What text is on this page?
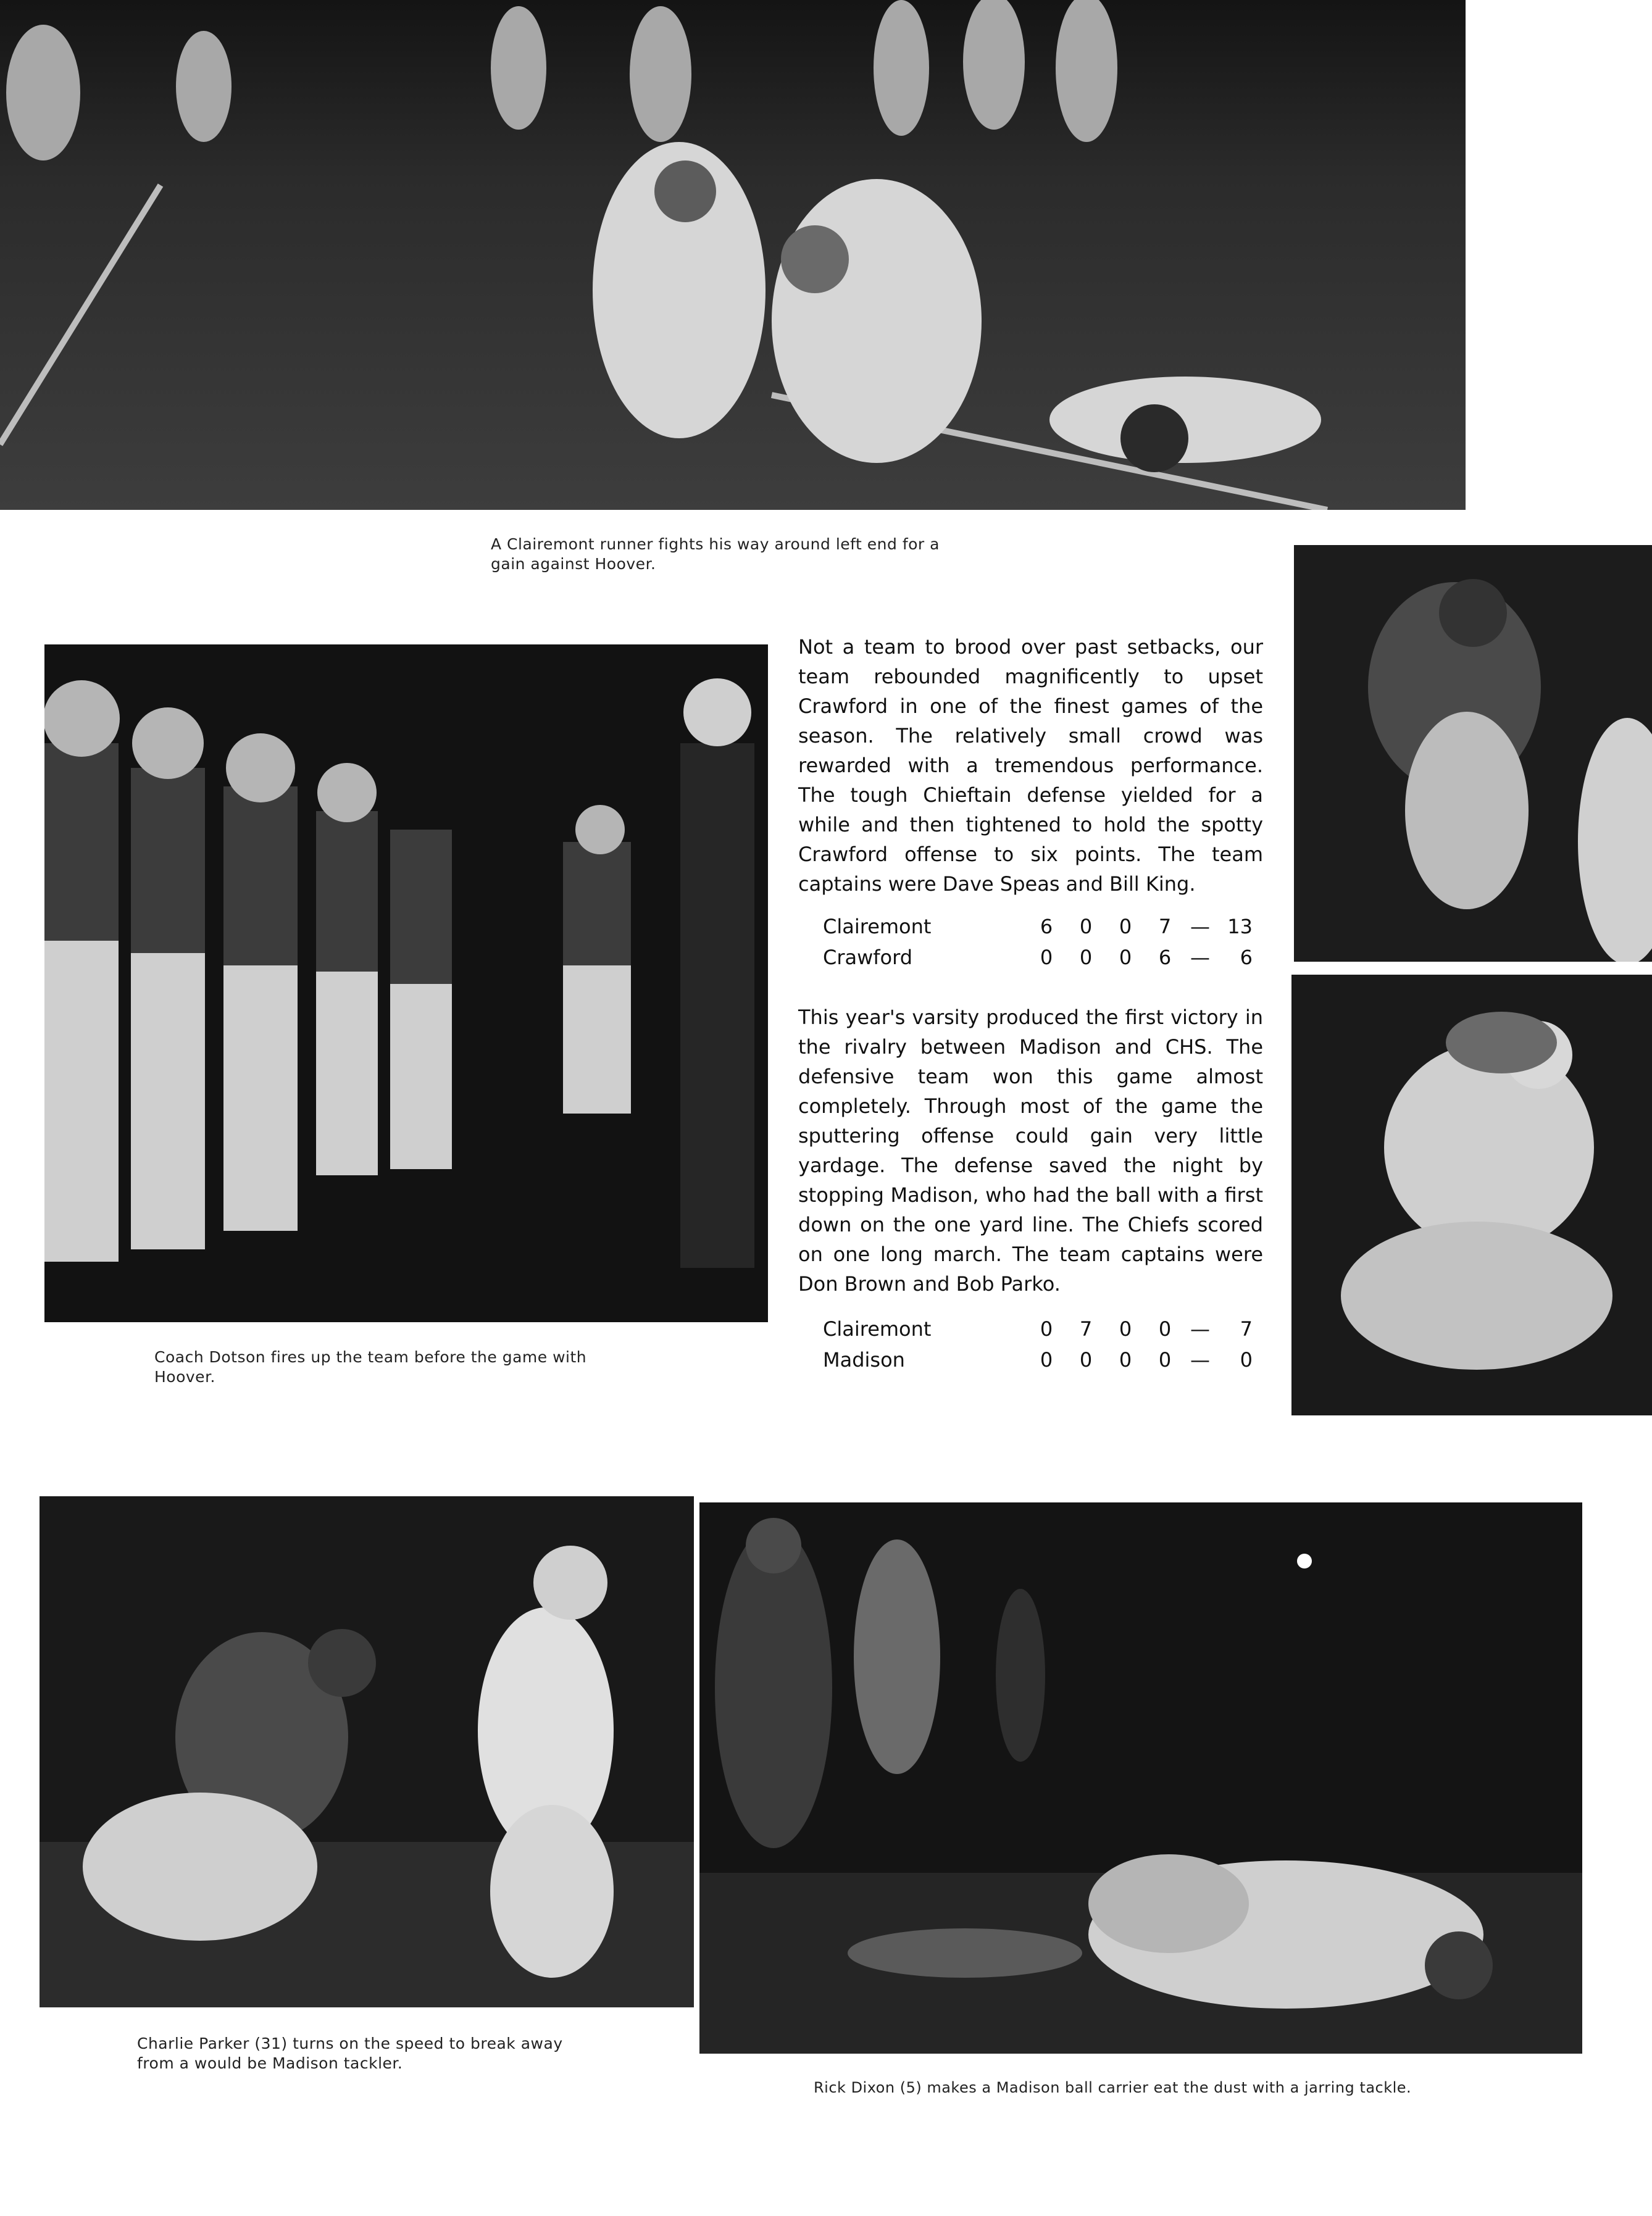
A Clairemont runner fights his way around left end for a
gain against Hoover.

Not a team to brood over past setbacks, our team rebounded magnificently to upset Crawford in one of the finest games of the season. The relatively small crowd was rewarded with a tremendous performance. The tough Chieftain defense yielded for a while and then tightened to hold the spotty Crawford offense to six points. The team captains were Dave Speas and Bill King.

Clairemont	6	0	0	7	—	13
Crawford	0	0	0	6	—	6

This year's varsity produced the first victory in the rivalry between Madison and CHS. The defensive team won this game almost completely. Through most of the game the sputtering offense could gain very little yardage. The defense saved the night by stopping Madison, who had the ball with a first down on the one yard line. The Chiefs scored on one long march. The team captains were Don Brown and Bob Parko.

Clairemont	0	7	0	0	—	7
Madison	0	0	0	0	—	0
Coach Dotson fires up the team before the game with
Hoover.
Charlie Parker (31) turns on the speed to break away
from a would be Madison tackler.
Rick Dixon (5) makes a Madison ball carrier eat the dust with a jarring tackle.
